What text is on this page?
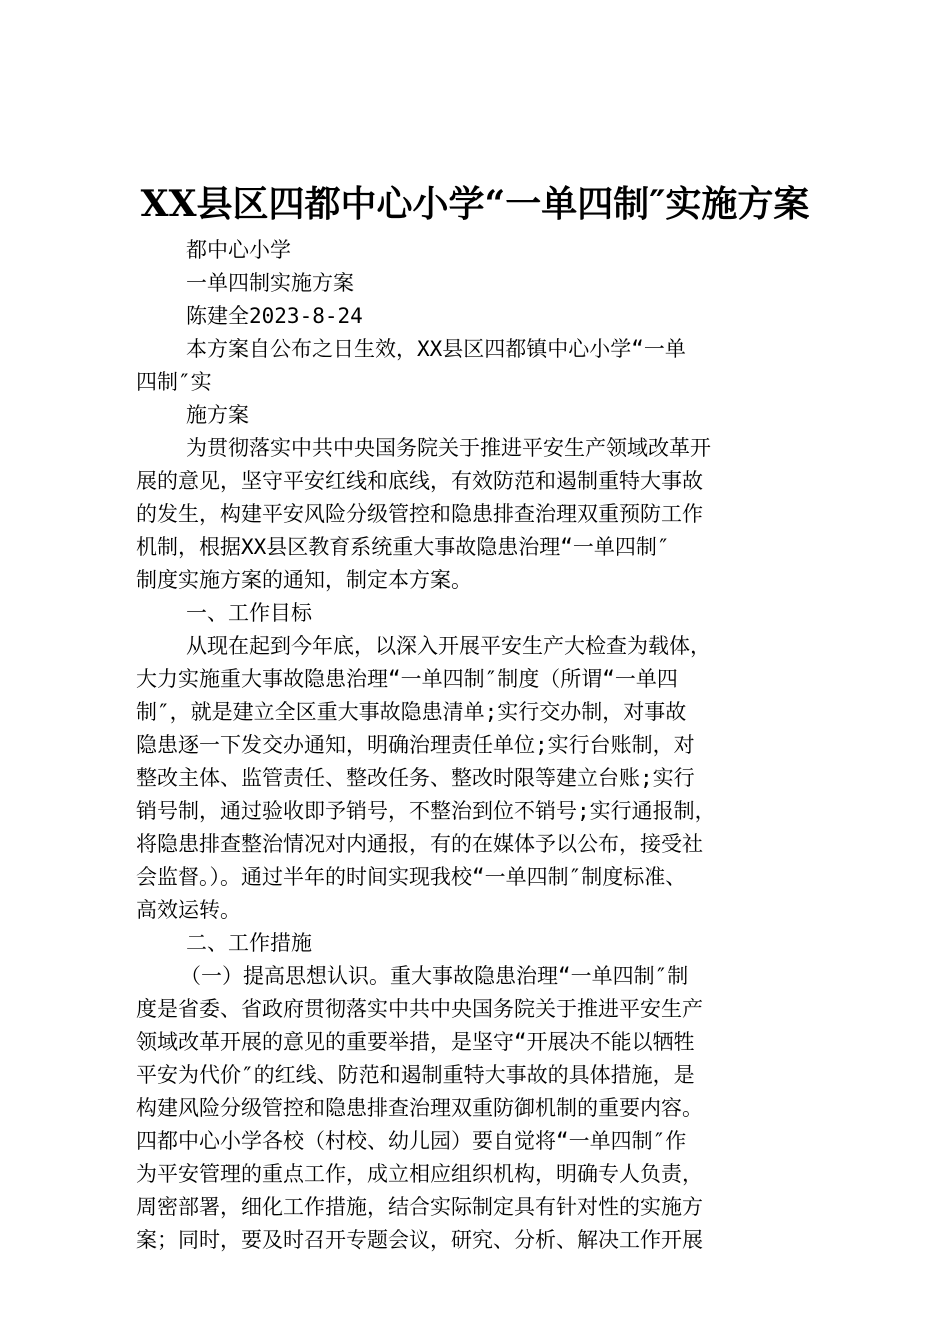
XX县区四都中心小学“一单四制″实施方案
都中心小学
一单四制实施方案
陈建全2023-8-24
本方案自公布之日生效，XX县区四都镇中心小学“一单
四制″实
施方案
为贯彻落实中共中央国务院关于推进平安生产领域改革开
展的意见，坚守平安红线和底线，有效防范和遏制重特大事故
的发生，构建平安风险分级管控和隐患排查治理双重预防工作
机制，根据XX县区教育系统重大事故隐患治理“一单四制″
制度实施方案的通知，制定本方案。
一、工作目标
从现在起到今年底，以深入开展平安生产大检查为载体，
大力实施重大事故隐患治理“一单四制″制度（所谓“一单四
制″，就是建立全区重大事故隐患清单;实行交办制，对事故
隐患逐一下发交办通知，明确治理责任单位;实行台账制，对
整改主体、监管责任、整改任务、整改时限等建立台账;实行
销号制，通过验收即予销号，不整治到位不销号;实行通报制，
将隐患排查整治情况对内通报，有的在媒体予以公布，接受社
会监督。）。通过半年的时间实现我校“一单四制″制度标准、
高效运转。
二、工作措施
（一）提高思想认识。重大事故隐患治理“一单四制″制
度是省委、省政府贯彻落实中共中央国务院关于推进平安生产
领域改革开展的意见的重要举措，是坚守“开展决不能以牺牲
平安为代价″的红线、防范和遏制重特大事故的具体措施，是
构建风险分级管控和隐患排查治理双重防御机制的重要内容。
四都中心小学各校（村校、幼儿园）要自觉将“一单四制″作
为平安管理的重点工作，成立相应组织机构，明确专人负责，
周密部署，细化工作措施，结合实际制定具有针对性的实施方
案；同时，要及时召开专题会议，研究、分析、解决工作开展
